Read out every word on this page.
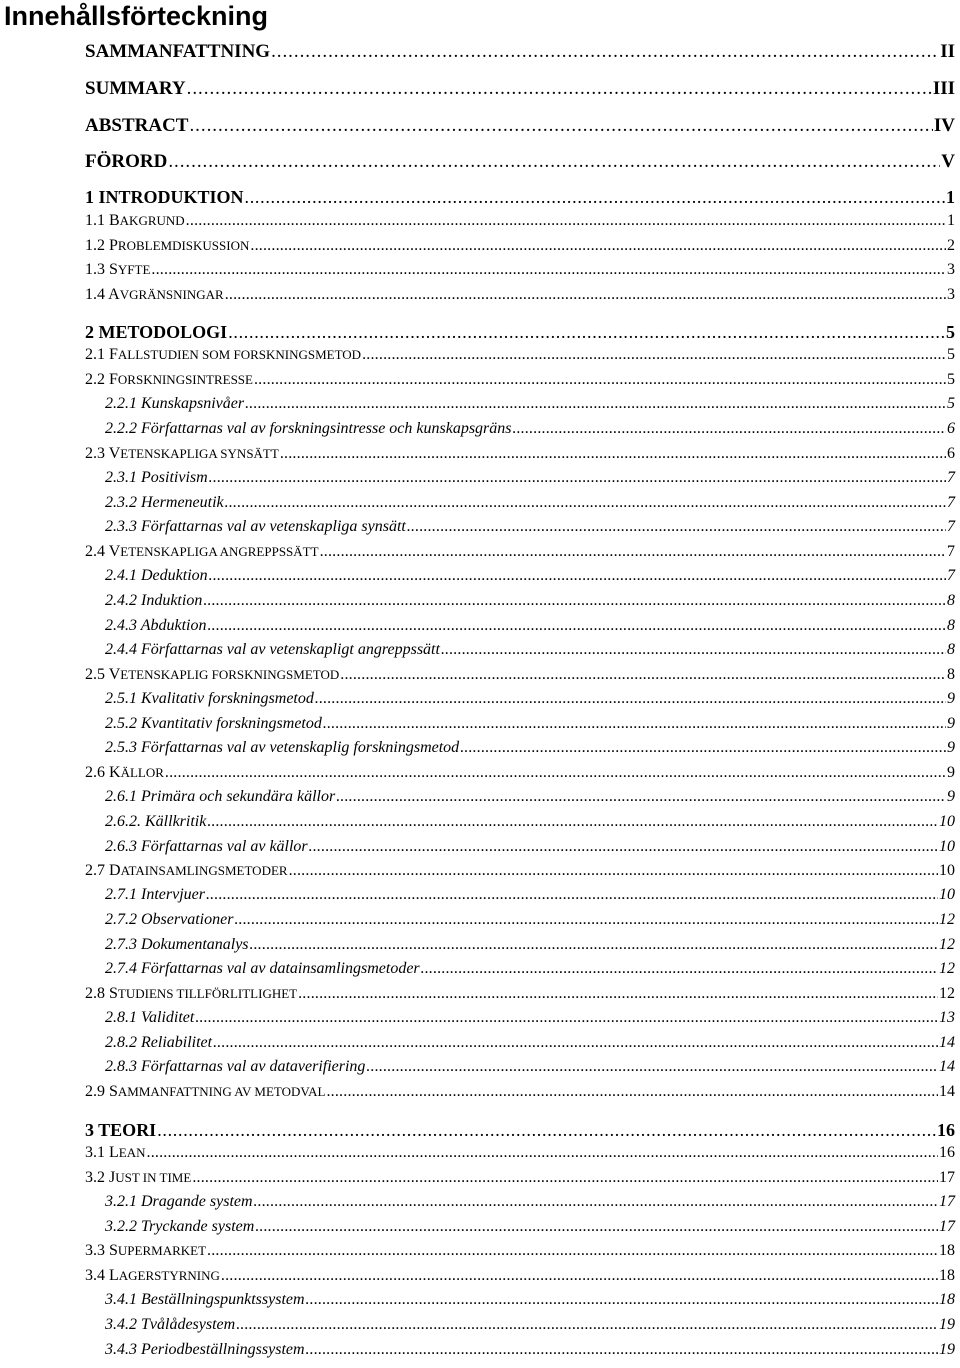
Innehållsförteckning
SAMMANFATTNING . . .	II
SUMMARY . . .	III
ABSTRACT . . .	IV
FÖRORD . . .	V
1 INTRODUKTION . . .	1
1.1 BAKGRUND . . .	1
1.2 PROBLEMDISKUSSION . . .	2
1.3 SYFTE . . .	3
1.4 AVGRÄNSNINGAR . . .	3
2 METODOLOGI . . .	5
2.1 FALLSTUDIEN SOM FORSKNINGSMETOD . . .	5
2.2 FORSKNINGSINTRESSE . . .	5
2.2.1 Kunskapsnivåer . . .	5
2.2.2 Författarnas val av forskningsintresse och kunskapsgräns . . .	6
2.3 VETENSKAPLIGA SYNSÄTT . . .	6
2.3.1 Positivism . . .	7
2.3.2 Hermeneutik . . .	7
2.3.3 Författarnas val av vetenskapliga synsätt . . .	7
2.4 VETENSKAPLIGA ANGREPPSSÄTT . . .	7
2.4.1 Deduktion . . .	7
2.4.2 Induktion . . .	8
2.4.3 Abduktion . . .	8
2.4.4 Författarnas val av vetenskapligt angreppssätt . . .	8
2.5 VETENSKAPLIG FORSKNINGSMETOD . . .	8
2.5.1 Kvalitativ forskningsmetod . . .	9
2.5.2 Kvantitativ forskningsmetod . . .	9
2.5.3 Författarnas val av vetenskaplig forskningsmetod . . .	9
2.6 KÄLLOR . . .	9
2.6.1 Primära och sekundära källor . . .	9
2.6.2. Källkritik . . .	10
2.6.3 Författarnas val av källor . . .	10
2.7 DATAINSAMLINGSMETODER . . .	10
2.7.1 Intervjuer . . .	10
2.7.2 Observationer . . .	12
2.7.3 Dokumentanalys . . .	12
2.7.4 Författarnas val av datainsamlingsmetoder . . .	12
2.8 STUDIENS TILLFÖRLITLIGHET . . .	12
2.8.1 Validitet . . .	13
2.8.2 Reliabilitet . . .	14
2.8.3 Författarnas val av dataverifiering . . .	14
2.9 SAMMANFATTNING AV METODVAL . . .	14
3 TEORI . . .	16
3.1 LEAN . . .	16
3.2 JUST IN TIME . . .	17
3.2.1 Dragande system . . .	17
3.2.2 Tryckande system . . .	17
3.3 SUPERMARKET . . .	18
3.4 LAGERSTYRNING . . .	18
3.4.1 Beställningspunktssystem . . .	18
3.4.2 Tvålådesystem . . .	19
3.4.3 Periodbeställningssystem . . .	19
